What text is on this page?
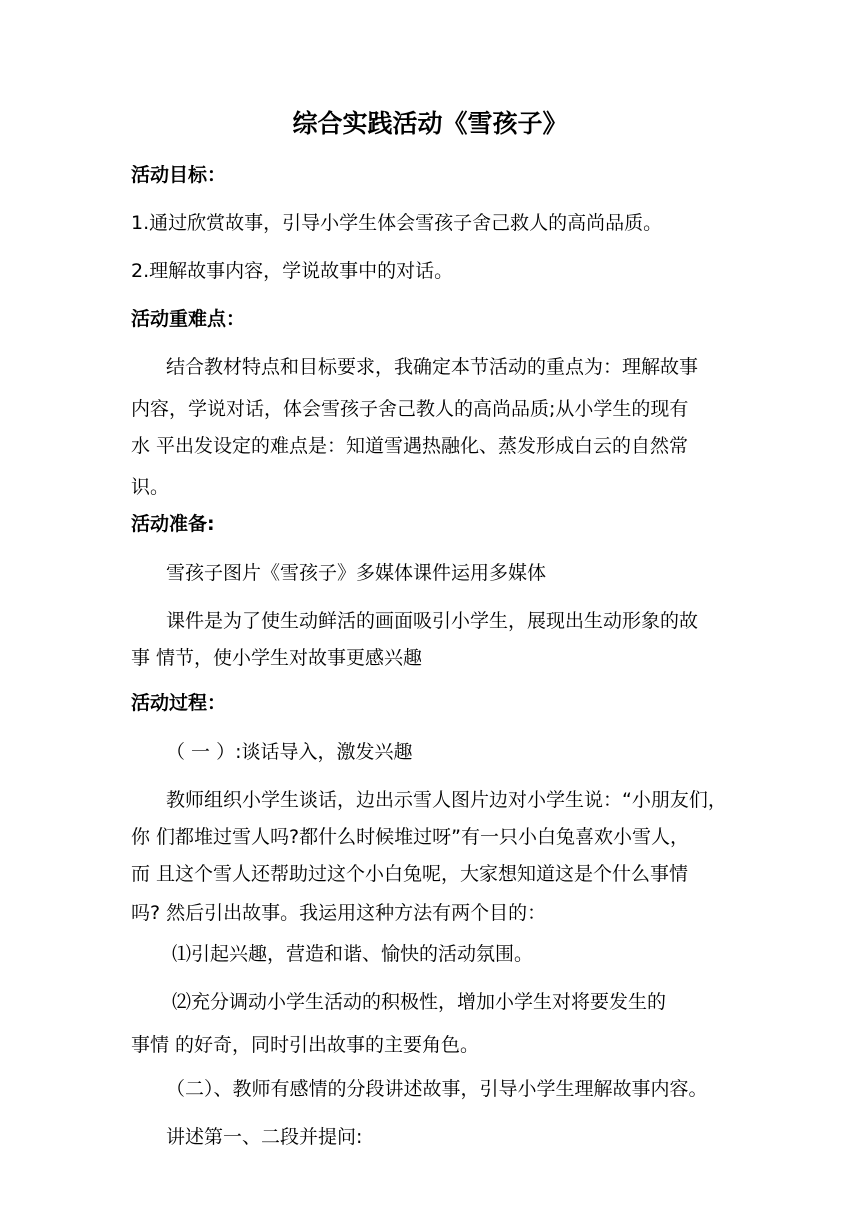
综合实践活动《雪孩子》
活动目标：
1.通过欣赏故事，引导小学生体会雪孩子舍己救人的高尚品质。
2.理解故事内容，学说故事中的对话。
活动重难点：
结合教材特点和目标要求，我确定本节活动的重点为：理解故事
内容，学说对话，体会雪孩子舍己教人的高尚品质;从小学生的现有
水 平出发设定的难点是：知道雪遇热融化、蒸发形成白云的自然常
识。
活动准备:
雪孩子图片《雪孩子》多媒体课件运用多媒体
课件是为了使生动鲜活的画面吸引小学生，展现出生动形象的故
事 情节，使小学生对故事更感兴趣
活动过程：
（ 一 ）:谈话导入，激发兴趣
教师组织小学生谈话，边出示雪人图片边对小学生说：“小朋友们，
你 们都堆过雪人吗?都什么时候堆过呀”有一只小白兔喜欢小雪人，
而 且这个雪人还帮助过这个小白兔呢，大家想知道这是个什么事情
吗? 然后引出故事。我运用这种方法有两个目的：
⑴引起兴趣，营造和谐、愉快的活动氛围。
⑵充分调动小学生活动的积极性，增加小学生对将要发生的
事情 的好奇，同时引出故事的主要角色。
（二）、教师有感情的分段讲述故事，引导小学生理解故事内容。
讲述第一、二段并提问:
